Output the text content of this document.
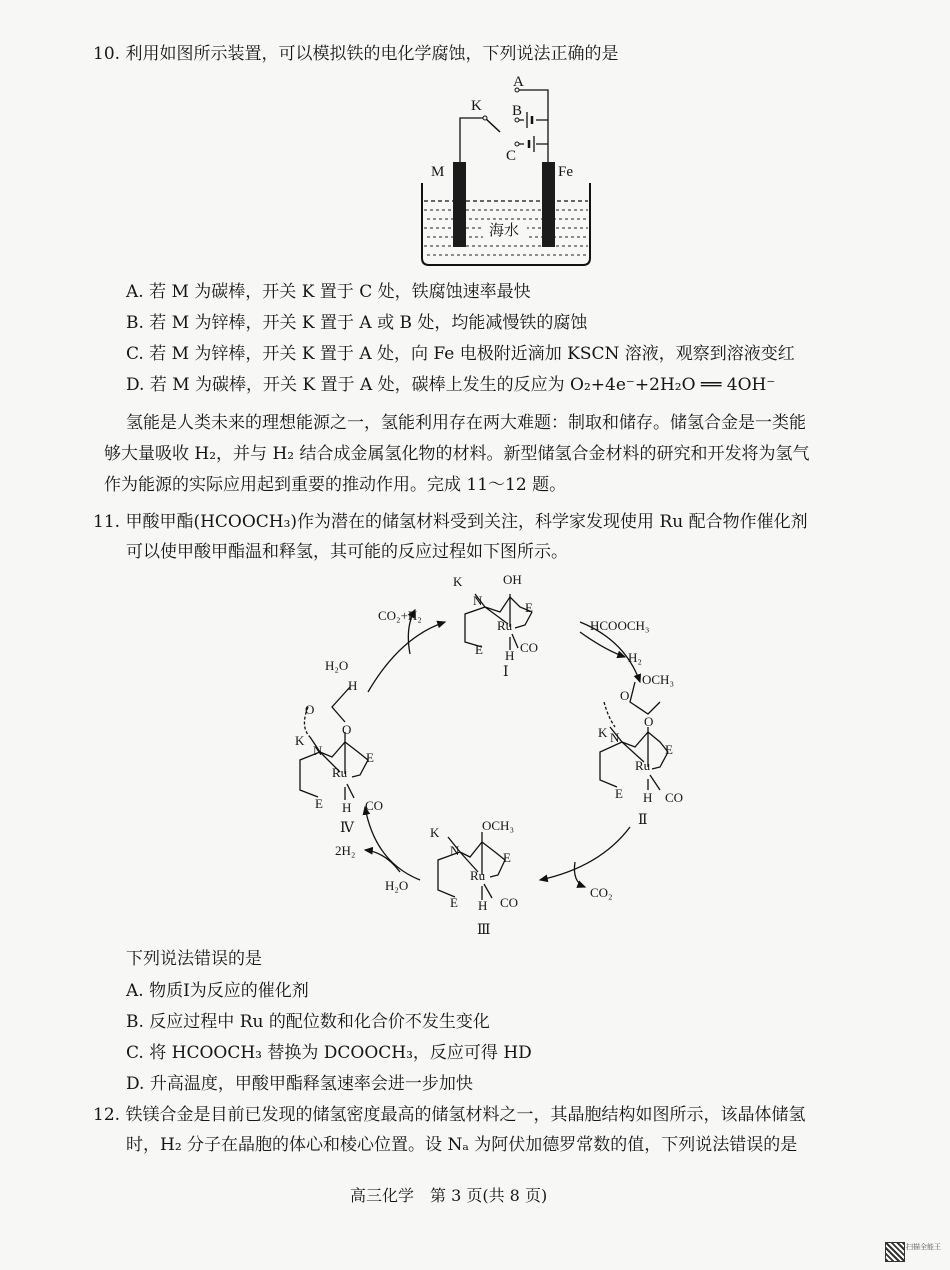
10. 利用如图所示装置，可以模拟铁的电化学腐蚀，下列说法正确的是
A
B
C
K
M	Fe
海水
A. 若 M 为碳棒，开关 K 置于 C 处，铁腐蚀速率最快
B. 若 M 为锌棒，开关 K 置于 A 或 B 处，均能减慢铁的腐蚀
C. 若 M 为锌棒，开关 K 置于 A 处，向 Fe 电极附近滴加 KSCN 溶液，观察到溶液变红
D. 若 M 为碳棒，开关 K 置于 A 处，碳棒上发生的反应为 O₂+4e⁻+2H₂O ══ 4OH⁻
氢能是人类未来的理想能源之一，氢能利用存在两大难题：制取和储存。储氢合金是一类能
够大量吸收 H₂，并与 H₂ 结合成金属氢化物的材料。新型储氢合金材料的研究和开发将为氢气
作为能源的实际应用起到重要的推动作用。完成 11～12 题。
11. 甲酸甲酯(HCOOCH₃)作为潜在的储氢材料受到关注，科学家发现使用 Ru 配合物作催化剂
可以使甲酸甲酯温和释氢，其可能的反应过程如下图所示。
CO₂+H₂
H₂O
HCOOCH₃
H₂
CO₂
H₂O
2H₂
K	OH
N
Ru
E
E H
CO
Ⅰ	OCH₃
O
O
K N
Ru
E
E H CO
Ⅱ
K	OCH₃
N
Ru
E
E H CO
Ⅲ
H
O
O
K
N
Ru
E
E H CO
Ⅳ
下列说法错误的是
A. 物质Ⅰ为反应的催化剂
B. 反应过程中 Ru 的配位数和化合价不发生变化
C. 将 HCOOCH₃ 替换为 DCOOCH₃，反应可得 HD
D. 升高温度，甲酸甲酯释氢速率会进一步加快
12. 铁镁合金是目前已发现的储氢密度最高的储氢材料之一，其晶胞结构如图所示，该晶体储氢
时，H₂ 分子在晶胞的体心和棱心位置。设 Nₐ 为阿伏加德罗常数的值，下列说法错误的是
高三化学　第 3 页(共 8 页)
扫描全能王
